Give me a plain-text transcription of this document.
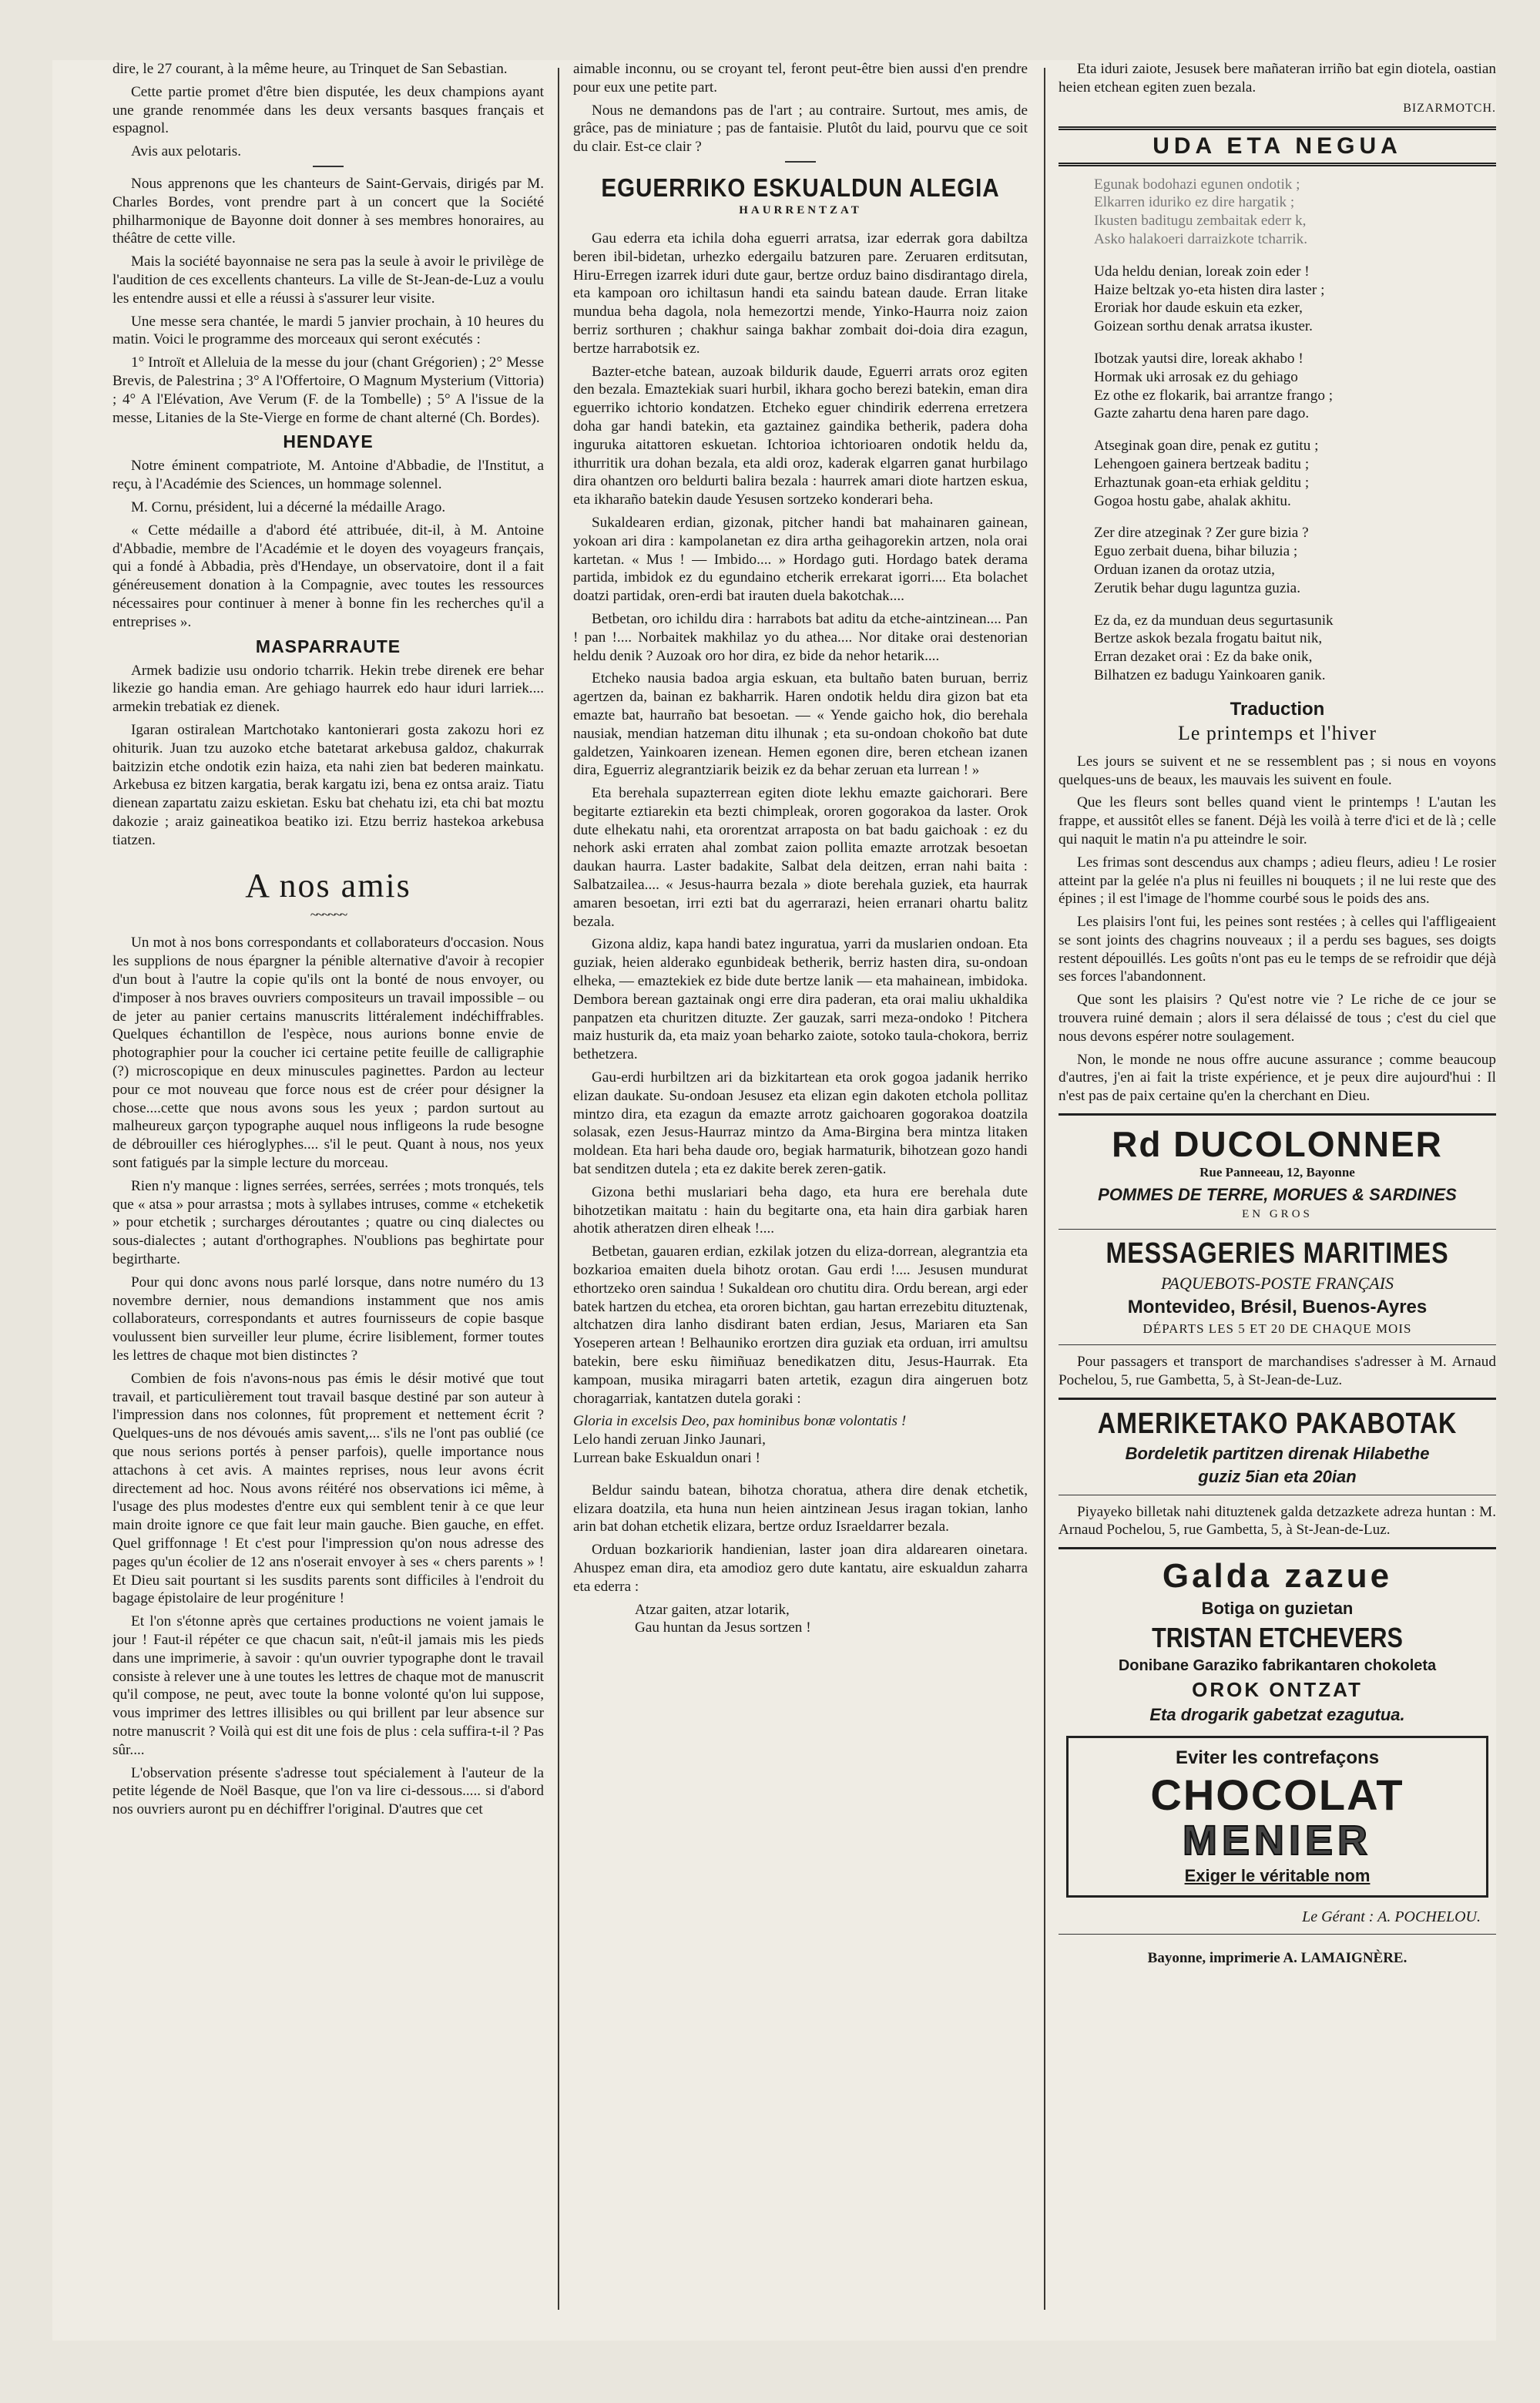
dire, le 27 courant, à la même heure, au Trinquet de San Sebastian.

Cette partie promet d'être bien disputée, les deux champions ayant une grande renommée dans les deux versants basques français et espagnol.

Avis aux pelotaris.

Nous apprenons que les chanteurs de Saint-Gervais, dirigés par M. Charles Bordes, vont prendre part à un concert que la Société philharmonique de Bayonne doit donner à ses membres honoraires, au théâtre de cette ville.

Mais la société bayonnaise ne sera pas la seule à avoir le privilège de l'audition de ces excellents chanteurs. La ville de St-Jean-de-Luz a voulu les entendre aussi et elle a réussi à s'assurer leur visite.

Une messe sera chantée, le mardi 5 janvier prochain, à 10 heures du matin. Voici le programme des morceaux qui seront exécutés :

1° Introït et Alleluia de la messe du jour (chant Grégorien) ; 2° Messe Brevis, de Palestrina ; 3° A l'Offertoire, O Magnum Mysterium (Vittoria) ; 4° A l'Elévation, Ave Verum (F. de la Tombelle) ; 5° A l'issue de la messe, Litanies de la Ste-Vierge en forme de chant alterné (Ch. Bordes).

HENDAYE

Notre éminent compatriote, M. Antoine d'Abbadie, de l'Institut, a reçu, à l'Académie des Sciences, un hommage solennel.

M. Cornu, président, lui a décerné la médaille Arago.

« Cette médaille a d'abord été attribuée, dit-il, à M. Antoine d'Abbadie, membre de l'Académie et le doyen des voyageurs français, qui a fondé à Abbadia, près d'Hendaye, un observatoire, dont il a fait généreusement donation à la Compagnie, avec toutes les ressources nécessaires pour continuer à mener à bonne fin les recherches qu'il a entreprises ».

MASPARRAUTE

Armek badizie usu ondorio tcharrik. Hekin trebe direnek ere behar likezie go handia eman. Are gehiago haurrek edo haur iduri larriek.... armekin trebatiak ez dienek.

Igaran ostiralean Martchotako kantonierari gosta zakozu hori ez ohiturik. Juan tzu auzoko etche batetarat arkebusa galdoz, chakurrak baitzizin etche ondotik ezin haiza, eta nahi zien bat bederen mainkatu. Arkebusa ez bitzen kargatia, berak kargatu izi, bena ez ontsa araiz. Tiatu dienean zapartatu zaizu eskietan. Esku bat chehatu izi, eta chi bat moztu dakozie ; araiz gaineatikoa beatiko izi. Etzu berriz hastekoa arkebusa tiatzen.

A nos amis
~~~~~~

Un mot à nos bons correspondants et collaborateurs d'occasion. Nous les supplions de nous épargner la pénible alternative d'avoir à recopier d'un bout à l'autre la copie qu'ils ont la bonté de nous envoyer, ou d'imposer à nos braves ouvriers compositeurs un travail impossible – ou de jeter au panier certains manuscrits littéralement indéchiffrables. Quelques échantillon de l'espèce, nous aurions bonne envie de photographier pour la coucher ici certaine petite feuille de calligraphie (?) microscopique en deux minuscules paginettes. Pardon au lecteur pour ce mot nouveau que force nous est de créer pour désigner la chose....cette que nous avons sous les yeux ; pardon surtout au malheureux garçon typographe auquel nous infligeons la rude besogne de débrouiller ces hiéroglyphes.... s'il le peut. Quant à nous, nos yeux sont fatigués par la simple lecture du morceau.

Rien n'y manque : lignes serrées, serrées, serrées ; mots tronqués, tels que « atsa » pour arrastsa ; mots à syllabes intruses, comme « etcheketik » pour etchetik ; surcharges déroutantes ; quatre ou cinq dialectes ou sous-dialectes ; autant d'orthographes. N'oublions pas beghirtate pour begirtharte.

Pour qui donc avons nous parlé lorsque, dans notre numéro du 13 novembre dernier, nous demandions instamment que nos amis collaborateurs, correspondants et autres fournisseurs de copie basque voulussent bien surveiller leur plume, écrire lisiblement, former toutes les lettres de chaque mot bien distinctes ?

Combien de fois n'avons-nous pas émis le désir motivé que tout travail, et particulièrement tout travail basque destiné par son auteur à l'impression dans nos colonnes, fût proprement et nettement écrit ? Quelques-uns de nos dévoués amis savent,... s'ils ne l'ont pas oublié (ce que nous serions portés à penser parfois), quelle importance nous attachons à cet avis. A maintes reprises, nous leur avons écrit directement ad hoc. Nous avons réitéré nos observations ici même, à l'usage des plus modestes d'entre eux qui semblent tenir à ce que leur main droite ignore ce que fait leur main gauche. Bien gauche, en effet. Quel griffonnage ! Et c'est pour l'impression qu'on nous adresse des pages qu'un écolier de 12 ans n'oserait envoyer à ses « chers parents » ! Et Dieu sait pourtant si les susdits parents sont difficiles à l'endroit du bagage épistolaire de leur progéniture !

Et l'on s'étonne après que certaines productions ne voient jamais le jour ! Faut-il répéter ce que chacun sait, n'eût-il jamais mis les pieds dans une imprimerie, à savoir : qu'un ouvrier typographe dont le travail consiste à relever une à une toutes les lettres de chaque mot de manuscrit qu'il compose, ne peut, avec toute la bonne volonté qu'on lui suppose, vous imprimer des lettres illisibles ou qui brillent par leur absence sur notre manuscrit ? Voilà qui est dit une fois de plus : cela suffira-t-il ? Pas sûr....

L'observation présente s'adresse tout spécialement à l'auteur de la petite légende de Noël Basque, que l'on va lire ci-dessous..... si d'abord nos ouvriers auront pu en déchiffrer l'original. D'autres que cet

aimable inconnu, ou se croyant tel, feront peut-être bien aussi d'en prendre pour eux une petite part.

Nous ne demandons pas de l'art ; au contraire. Surtout, mes amis, de grâce, pas de miniature ; pas de fantaisie. Plutôt du laid, pourvu que ce soit du clair. Est-ce clair ?

EGUERRIKO ESKUALDUN ALEGIA
HAURRENTZAT

Gau ederra eta ichila doha eguerri arratsa, izar ederrak gora dabiltza beren ibil-bidetan, urhezko edergailu batzuren pare. Zeruaren erditsutan, Hiru-Erregen izarrek iduri dute gaur, bertze orduz baino disdirantago direla, eta kampoan oro ichiltasun handi eta saindu batean daude. Erran litake mundua beha dagola, nola hemezortzi mende, Yinko-Haurra noiz zaion berriz sorthuren ; chakhur sainga bakhar zombait doi-doia dira ezagun, bertze harrabotsik ez.

Bazter-etche batean, auzoak bildurik daude, Eguerri arrats oroz egiten den bezala. Emaztekiak suari hurbil, ikhara gocho berezi batekin, eman dira eguerriko ichtorio kondatzen. Etcheko eguer chindirik ederrena erretzera doha gar handi batekin, eta gaztainez gaindika betherik, padera doha inguruka aitattoren eskuetan. Ichtorioa ichtorioaren ondotik heldu da, ithurritik ura dohan bezala, eta aldi oroz, kaderak elgarren ganat hurbilago dira ohantzen oro beldurti balira bezala : haurrek amari diote hartzen eskua, eta ikharaño batekin daude Yesusen sortzeko konderari beha.

Sukaldearen erdian, gizonak, pitcher handi bat mahainaren gainean, yokoan ari dira : kampolanetan ez dira artha geihagorekin artzen, nola orai kartetan. « Mus ! — Imbido.... » Hordago guti. Hordago batek derama partida, imbidok ez du egundaino etcherik errekarat igorri.... Eta bolachet doatzi partidak, oren-erdi bat irauten duela bakotchak....

Betbetan, oro ichildu dira : harrabots bat aditu da etche-aintzinean.... Pan ! pan !.... Norbaitek makhilaz yo du athea.... Nor ditake orai destenorian heldu denik ? Auzoak oro hor dira, ez bide da nehor hetarik....

Etcheko nausia badoa argia eskuan, eta bultaño baten buruan, berriz agertzen da, bainan ez bakharrik. Haren ondotik heldu dira gizon bat eta emazte bat, haurraño bat besoetan. — « Yende gaicho hok, dio berehala nausiak, mendian hatzeman ditu ilhunak ; eta su-ondoan chokoño bat dute galdetzen, Yainkoaren izenean. Hemen egonen dire, beren etchean izanen dira, Eguerriz alegrantziarik beizik ez da behar zeruan eta lurrean ! »

Eta berehala supazterrean egiten diote lekhu emazte gaichorari. Bere begitarte eztiarekin eta bezti chimpleak, ororen gogorakoa da laster. Orok dute elhekatu nahi, eta ororentzat arraposta on bat badu gaichoak : ez du nehork aski erraten ahal zombat zaion pollita emazte arrotzak besoetan daukan haurra. Laster badakite, Salbat dela deitzen, erran nahi baita : Salbatzailea.... « Jesus-haurra bezala » diote berehala guziek, eta haurrak amaren besoetan, irri ezti bat du agerrarazi, heien erranari ohartu balitz bezala.

Gizona aldiz, kapa handi batez inguratua, yarri da muslarien ondoan. Eta guziak, heien alderako egunbideak betherik, berriz hasten dira, su-ondoan elheka, — emaztekiek ez bide dute bertze lanik — eta mahainean, imbidoka. Dembora berean gaztainak ongi erre dira paderan, eta orai maliu ukhaldika panpatzen eta churitzen dituzte. Zer gauzak, sarri meza-ondoko ! Pitchera maiz husturik da, eta maiz yoan beharko zaiote, sotoko taula-chokora, berriz bethetzera.

Gau-erdi hurbiltzen ari da bizkitartean eta orok gogoa jadanik herriko elizan daukate. Su-ondoan Jesusez eta elizan egin dakoten etchola pollitaz mintzo dira, eta ezagun da emazte arrotz gaichoaren gogorakoa doatzila solasak, ezen Jesus-Haurraz mintzo da Ama-Birgina bera mintza litaken moldean. Eta hari beha daude oro, begiak harmaturik, bihotzean gozo handi bat senditzen dutela ; eta ez dakite berek zeren-gatik.

Gizona bethi muslariari beha dago, eta hura ere berehala dute bihotzetikan maitatu : hain du begitarte ona, eta hain dira garbiak haren ahotik atheratzen diren elheak !....

Betbetan, gauaren erdian, ezkilak jotzen du eliza-dorrean, alegrantzia eta bozkarioa emaiten duela bihotz orotan. Gau erdi !.... Jesusen mundurat ethortzeko oren saindua ! Sukaldean oro chutitu dira. Ordu berean, argi eder batek hartzen du etchea, eta ororen bichtan, gau hartan errezebitu dituztenak, altchatzen dira lanho disdirant baten erdian, Jesus, Mariaren eta San Yoseperen artean ! Belhauniko erortzen dira guziak eta orduan, irri amultsu batekin, bere esku ñimiñuaz benedikatzen ditu, Jesus-Haurrak. Eta kampoan, musika miragarri baten artetik, ezagun dira aingeruen botz choragarriak, kantatzen dutela goraki :

Gloria in excelsis Deo, pax hominibus bonæ volontatis !
Lelo handi zeruan Jinko Jaunari,
Lurrean bake Eskualdun onari !

Beldur saindu batean, bihotza choratua, athera dire denak etchetik, elizara doatzila, eta huna nun heien aintzinean Jesus iragan tokian, lanho arin bat dohan etchetik elizara, bertze orduz Israeldarrer bezala.

Orduan bozkariorik handienian, laster joan dira aldarearen oinetara. Ahuspez eman dira, eta amodioz gero dute kantatu, aire eskualdun zaharra eta ederra :

Atzar gaiten, atzar lotarik,
Gau huntan da Jesus sortzen !

Eta iduri zaiote, Jesusek bere mañateran irriño bat egin diotela, oastian heien etchean egiten zuen bezala.

BIZARMOTCH.
UDA ETA NEGUA
Egunak bodohazi egunen ondotik ;
Elkarren iduriko ez dire hargatik ;
Ikusten baditugu zembaitak ederr k,
Asko halakoeri darraizkote tcharrik.
Uda heldu denian, loreak zoin eder !
Haize beltzak yo-eta histen dira laster ;
Eroriak hor daude eskuin eta ezker,
Goizean sorthu denak arratsa ikuster.
Ibotzak yautsi dire, loreak akhabo !
Hormak uki arrosak ez du gehiago
Ez othe ez flokarik, bai arrantze frango ;
Gazte zahartu dena haren pare dago.
Atseginak goan dire, penak ez gutitu ;
Lehengoen gainera bertzeak baditu ;
Erhaztunak goan-eta erhiak gelditu ;
Gogoa hostu gabe, ahalak akhitu.
Zer dire atzeginak ? Zer gure bizia ?
Eguo zerbait duena, bihar biluzia ;
Orduan izanen da orotaz utzia,
Zerutik behar dugu laguntza guzia.
Ez da, ez da munduan deus segurtasunik
Bertze askok bezala frogatu baitut nik,
Erran dezaket orai : Ez da bake onik,
Bilhatzen ez badugu Yainkoaren ganik.
Traduction
Le printemps et l'hiver

Les jours se suivent et ne se ressemblent pas ; si nous en voyons quelques-uns de beaux, les mauvais les suivent en foule.

Que les fleurs sont belles quand vient le printemps ! L'autan les frappe, et aussitôt elles se fanent. Déjà les voilà à terre d'ici et de là ; celle qui naquit le matin n'a pu atteindre le soir.

Les frimas sont descendus aux champs ; adieu fleurs, adieu ! Le rosier atteint par la gelée n'a plus ni feuilles ni bouquets ; il ne lui reste que des épines ; il est l'image de l'homme courbé sous le poids des ans.

Les plaisirs l'ont fui, les peines sont restées ; à celles qui l'affligeaient se sont joints des chagrins nouveaux ; il a perdu ses bagues, ses doigts restent dépouillés. Les goûts n'ont pas eu le temps de se refroidir que déjà ses forces l'abandonnent.

Que sont les plaisirs ? Qu'est notre vie ? Le riche de ce jour se trouvera ruiné demain ; alors il sera délaissé de tous ; c'est du ciel que nous devons espérer notre soulagement.

Non, le monde ne nous offre aucune assurance ; comme beaucoup d'autres, j'en ai fait la triste expérience, et je peux dire aujourd'hui : Il n'est pas de paix certaine qu'en la cherchant en Dieu.

Rd DUCOLONNER
Rue Panneeau, 12, Bayonne
POMMES DE TERRE, MORUES & SARDINES
EN GROS
MESSAGERIES MARITIMES
PAQUEBOTS-POSTE FRANÇAIS
Montevideo, Brésil, Buenos-Ayres
DÉPARTS LES 5 ET 20 DE CHAQUE MOIS

Pour passagers et transport de marchandises s'adresser à M. Arnaud Pochelou, 5, rue Gambetta, 5, à St-Jean-de-Luz.

AMERIKETAKO PAKABOTAK
Bordeletik partitzen direnak Hilabethe
guziz 5ian eta 20ian

Piyayeko billetak nahi dituztenek galda detzazkete adreza huntan : M. Arnaud Pochelou, 5, rue Gambetta, 5, à St-Jean-de-Luz.

Galda zazue
Botiga on guzietan
TRISTAN ETCHEVERS
Donibane Garaziko fabrikantaren chokoleta
OROK ONTZAT
Eta drogarik gabetzat ezagutua.
Eviter les contrefaçons
CHOCOLAT
MENIER
Exiger le véritable nom
Le Gérant : A. POCHELOU.
Bayonne, imprimerie A. LAMAIGNÈRE.
